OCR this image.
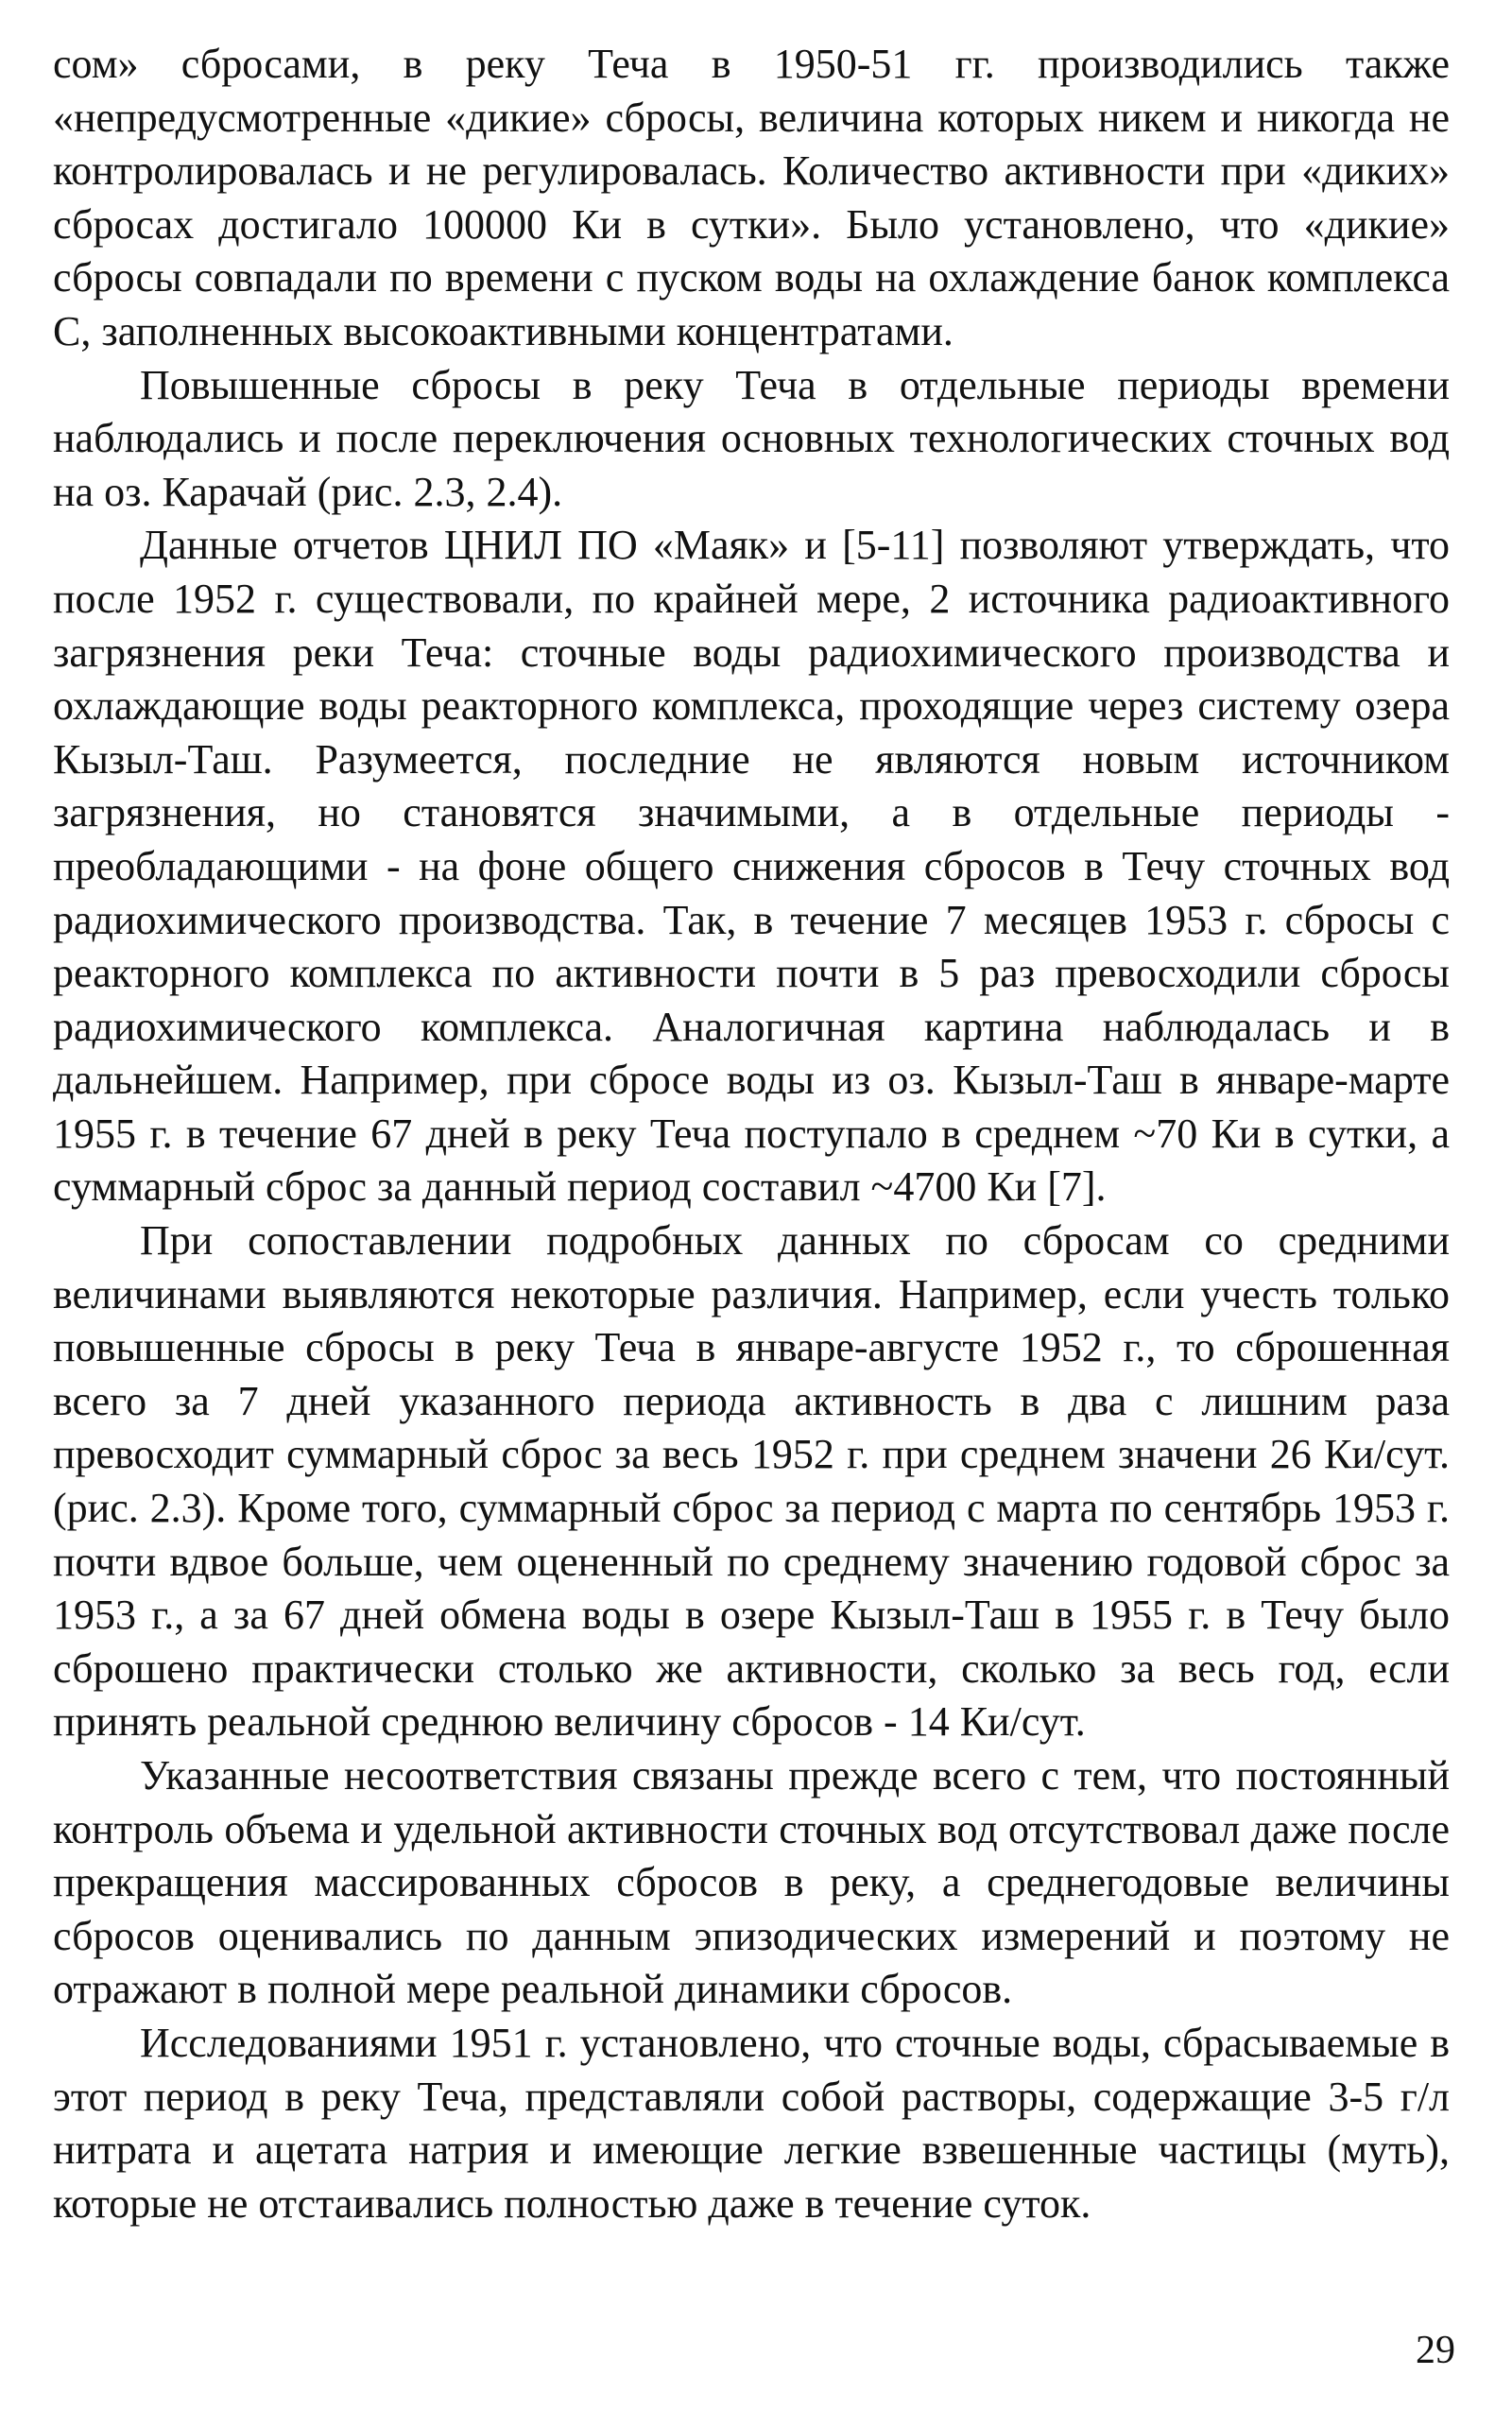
сом» сбросами, в реку Теча в 1950-51 гг. производились также «непредусмотренные «дикие» сбросы, величина которых никем и никогда не контролировалась и не регулировалась. Количество активности при «диких» сбросах достигало 100000 Ки в сутки». Было установлено, что «дикие» сбросы совпадали по времени с пуском воды на охлаждение банок комплекса С, заполненных высокоактивными концентратами.

Повышенные сбросы в реку Теча в отдельные периоды времени наблюдались и после переключения основных технологических сточных вод на оз. Карачай (рис. 2.3, 2.4).

Данные отчетов ЦНИЛ ПО «Маяк» и [5-11] позволяют утверждать, что после 1952 г. существовали, по крайней мере, 2 источника радиоактивного загрязнения реки Теча: сточные воды радиохимического производства и охлаждающие воды реакторного комплекса, проходящие через систему озера Кызыл-Таш. Разумеется, последние не являются новым источником загрязнения, но становятся значимыми, а в отдельные периоды - преобладающими - на фоне общего снижения сбросов в Течу сточных вод радиохимического производства. Так, в течение 7 месяцев 1953 г. сбросы с реакторного комплекса по активности почти в 5 раз превосходили сбросы радиохимического комплекса. Аналогичная картина наблюдалась и в дальнейшем. Например, при сбросе воды из оз. Кызыл-Таш в январе-марте 1955 г. в течение 67 дней в реку Теча поступало в среднем ~70 Ки в сутки, а суммарный сброс за данный период составил ~4700 Ки [7].

При сопоставлении подробных данных по сбросам со средними величинами выявляются некоторые различия. Например, если учесть только повышенные сбросы в реку Теча в январе-августе 1952 г., то сброшенная всего за 7 дней указанного периода активность в два с лишним раза превосходит суммарный сброс за весь 1952 г. при среднем значени 26 Ки/сут. (рис. 2.3). Кроме того, суммарный сброс за период с марта по сентябрь 1953 г. почти вдвое больше, чем оцененный по среднему значению годовой сброс за 1953 г., а за 67 дней обмена воды в озере Кызыл-Таш в 1955 г. в Течу было сброшено практически столько же активности, сколько за весь год, если принять реальной среднюю величину сбросов - 14 Ки/сут.

Указанные несоответствия связаны прежде всего с тем, что постоянный контроль объема и удельной активности сточных вод отсутствовал даже после прекращения массированных сбросов в реку, а среднегодовые величины сбросов оценивались по данным эпизодических измерений и поэтому не отражают в полной мере реальной динамики сбросов.

Исследованиями 1951 г. установлено, что сточные воды, сбрасываемые в этот период в реку Теча, представляли собой растворы, содержащие 3-5 г/л нитрата и ацетата натрия и имеющие легкие взвешенные частицы (муть), которые не отстаивались полностью даже в течение суток.

29
